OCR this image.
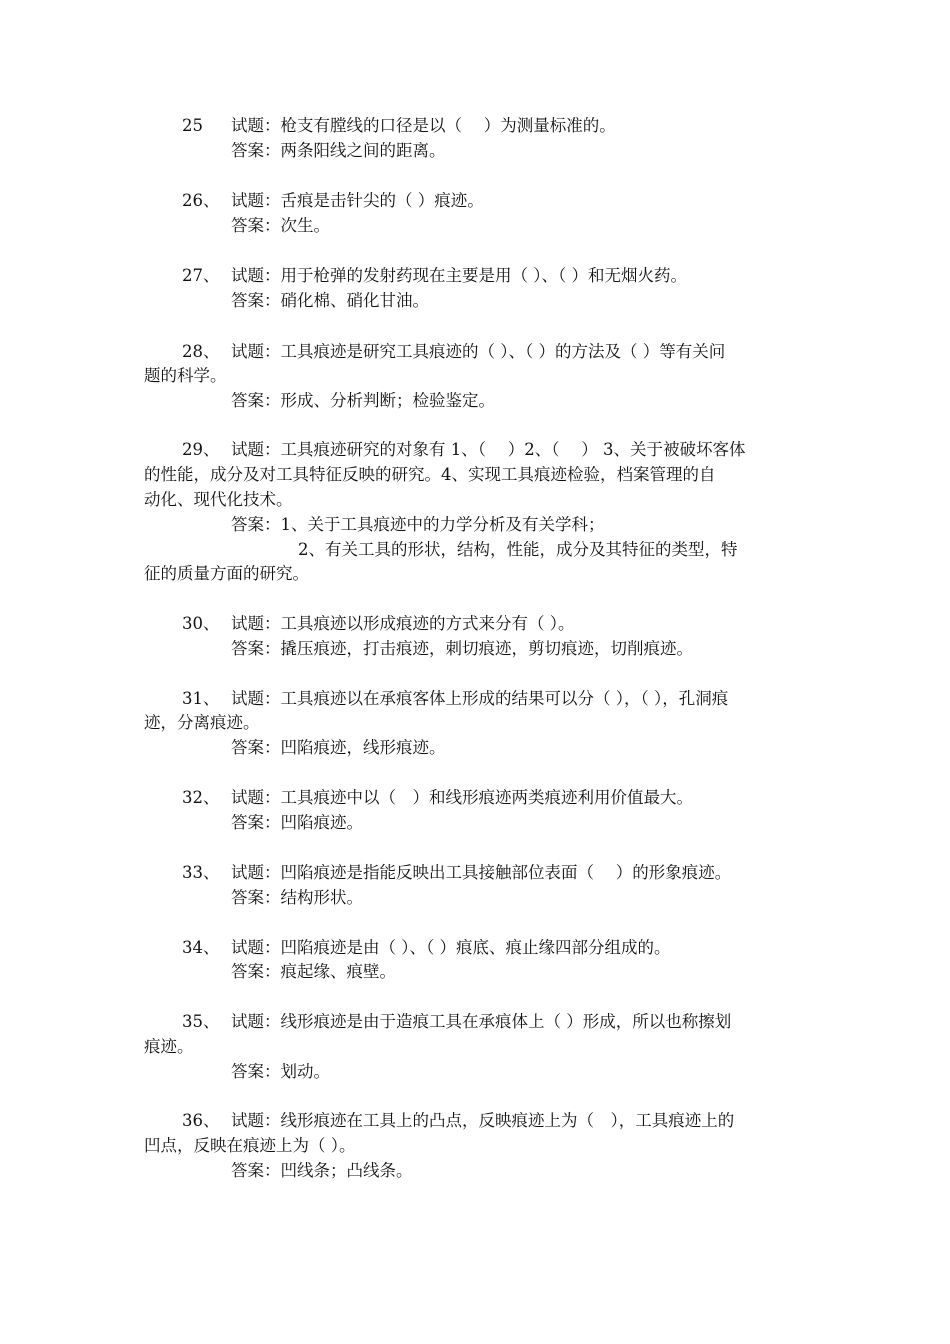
25 试题：枪支有膛线的口径是以（　 ）为测量标准的。
答案：两条阳线之间的距离。
26、 试题：舌痕是击针尖的（ ）痕迹。
答案：次生。
27、 试题：用于枪弹的发射药现在主要是用（ ）、（ ）和无烟火药。
答案：硝化棉、硝化甘油。
28、 试题：工具痕迹是研究工具痕迹的（ ）、（ ）的方法及（ ）等有关问
题的科学。
答案：形成、分析判断；检验鉴定。
29、 试题：工具痕迹研究的对象有 1、（　 ）2、（　 ） 3、关于被破坏客体
的性能，成分及对工具特征反映的研究。4、实现工具痕迹检验，档案管理的自
动化、现代化技术。
答案：1、关于工具痕迹中的力学分析及有关学科；
2、有关工具的形状，结构，性能，成分及其特征的类型，特
征的质量方面的研究。
30、 试题：工具痕迹以形成痕迹的方式来分有（ ）。
答案：撬压痕迹，打击痕迹，刺切痕迹，剪切痕迹，切削痕迹。
31、 试题：工具痕迹以在承痕客体上形成的结果可以分（ ），（ ），孔洞痕
迹，分离痕迹。
答案：凹陷痕迹，线形痕迹。
32、 试题：工具痕迹中以（　）和线形痕迹两类痕迹利用价值最大。
答案：凹陷痕迹。
33、 试题：凹陷痕迹是指能反映出工具接触部位表面（　 ）的形象痕迹。
答案：结构形状。
34、 试题：凹陷痕迹是由（ ）、（ ）痕底、痕止缘四部分组成的。
答案：痕起缘、痕壁。
35、 试题：线形痕迹是由于造痕工具在承痕体上（ ）形成，所以也称擦划
痕迹。
答案：划动。
36、 试题：线形痕迹在工具上的凸点，反映痕迹上为（　），工具痕迹上的
凹点，反映在痕迹上为（ ）。
答案：凹线条；凸线条。
